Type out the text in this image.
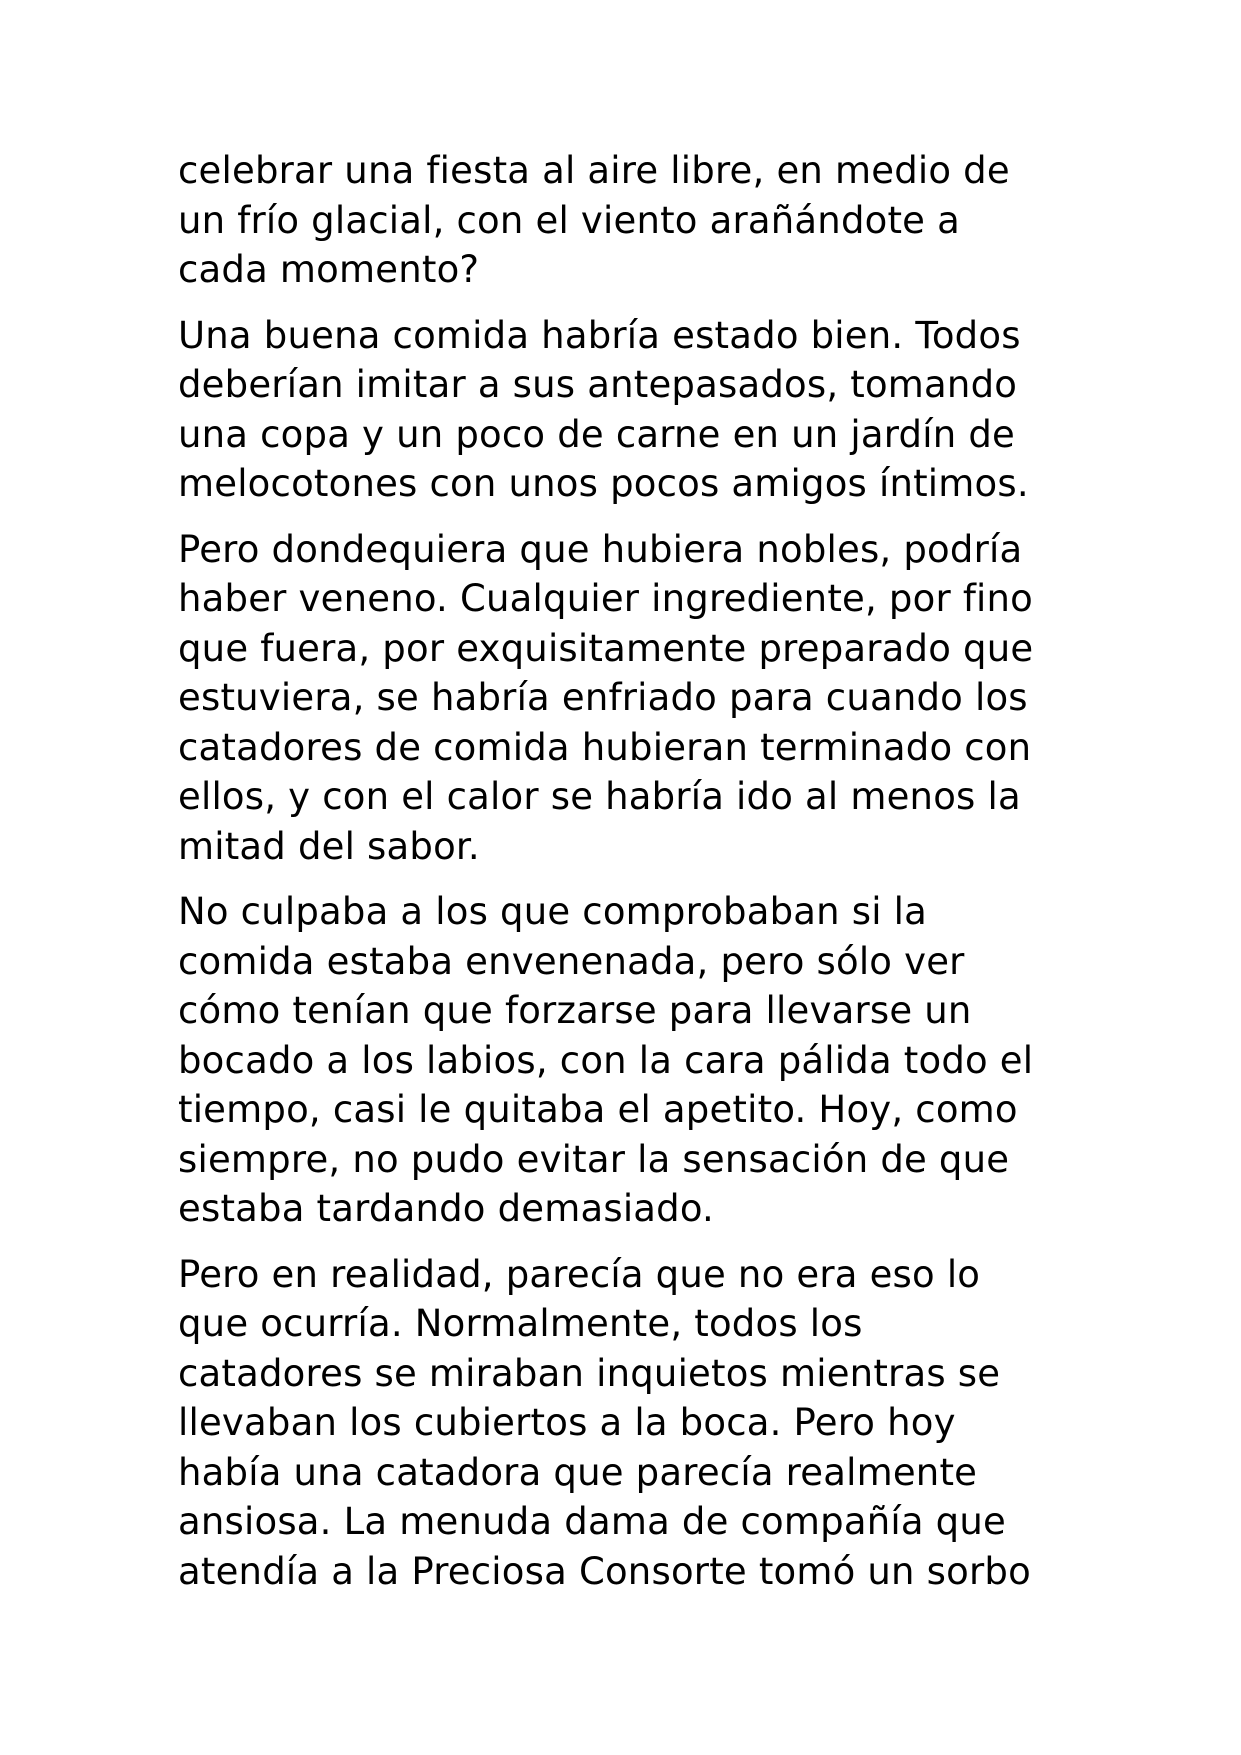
celebrar una fiesta al aire libre, en medio de
un frío glacial, con el viento arañándote a
cada momento?

Una buena comida habría estado bien. Todos
deberían imitar a sus antepasados, tomando
una copa y un poco de carne en un jardín de
melocotones con unos pocos amigos íntimos.

Pero dondequiera que hubiera nobles, podría
haber veneno. Cualquier ingrediente, por fino
que fuera, por exquisitamente preparado que
estuviera, se habría enfriado para cuando los
catadores de comida hubieran terminado con
ellos, y con el calor se habría ido al menos la
mitad del sabor.

No culpaba a los que comprobaban si la
comida estaba envenenada, pero sólo ver
cómo tenían que forzarse para llevarse un
bocado a los labios, con la cara pálida todo el
tiempo, casi le quitaba el apetito. Hoy, como
siempre, no pudo evitar la sensación de que
estaba tardando demasiado.

Pero en realidad, parecía que no era eso lo
que ocurría. Normalmente, todos los
catadores se miraban inquietos mientras se
llevaban los cubiertos a la boca. Pero hoy
había una catadora que parecía realmente
ansiosa. La menuda dama de compañía que
atendía a la Preciosa Consorte tomó un sorbo
